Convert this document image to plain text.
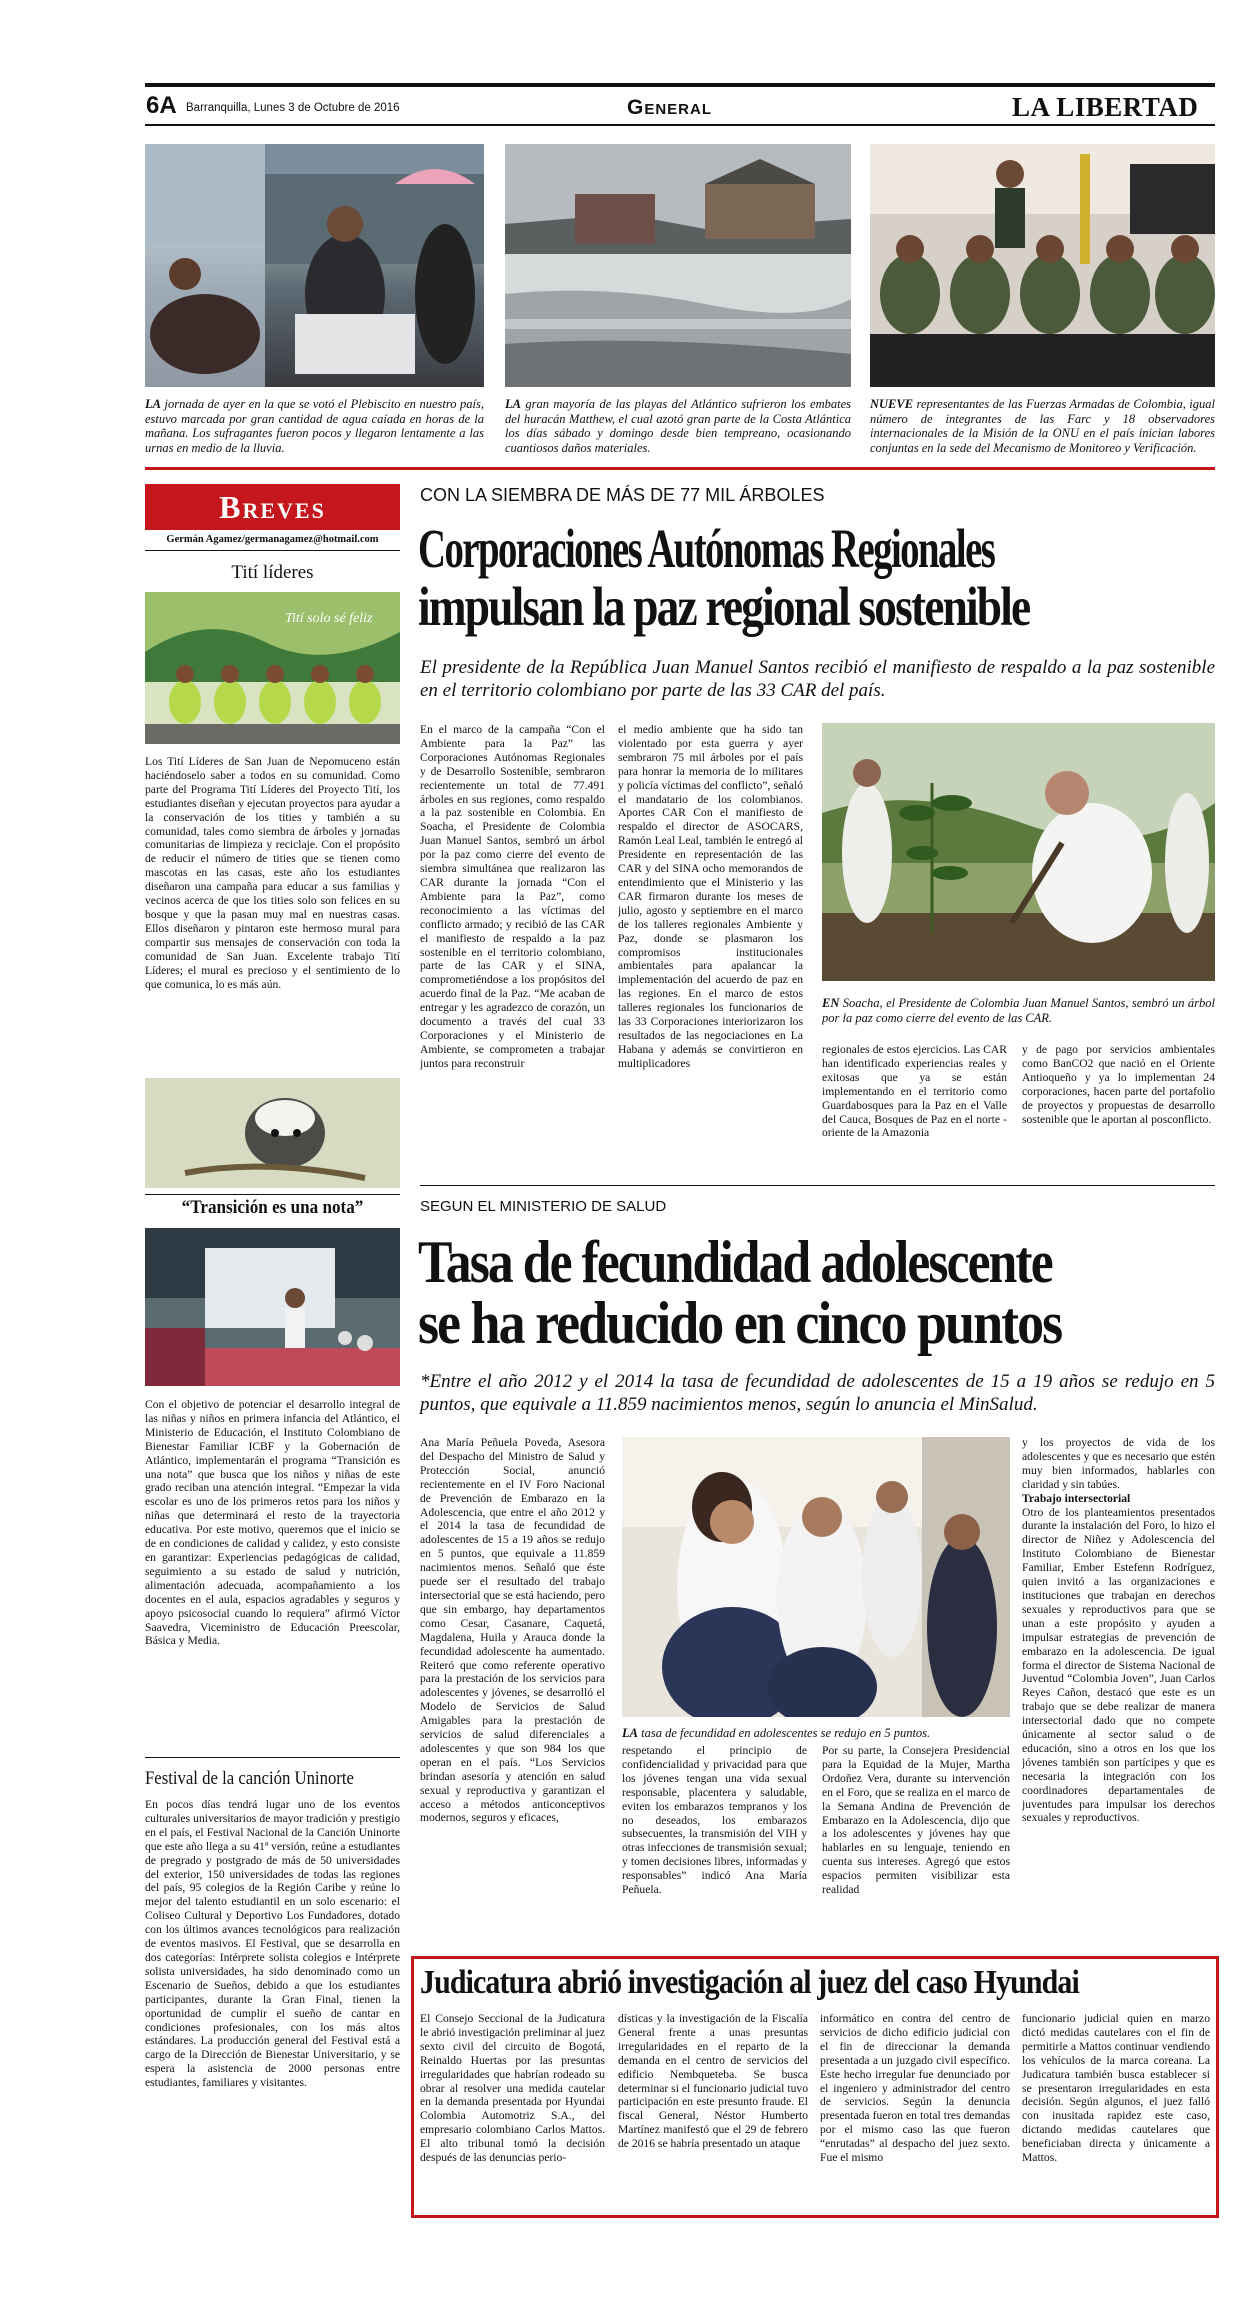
6A Barranquilla, Lunes 3 de Octubre de 2016	General	LA LIBERTAD
LA jornada de ayer en la que se votó el Plebiscito en nuestro país, estuvo marcada por gran cantidad de agua caíada en horas de la mañana. Los sufragantes fueron pocos y llegaron lentamente a las urnas en medio de la lluvia.
LA gran mayoría de las playas del Atlántico sufrieron los embates del huracán Matthew, el cual azotó gran parte de la Costa Atlántica los días sábado y domingo desde bien tempreano, ocasionando cuantiosos daños materiales.
NUEVE representantes de las Fuerzas Armadas de Colombia, igual número de integrantes de las Farc y 18 observadores internacionales de la Misión de la ONU en el país inician labores conjuntas en la sede del Mecanismo de Monitoreo y Verificación.
Breves
Germán Agamez/germanagamez@hotmail.com
Tití líderes
Tití solo sé feliz
Los Tití Líderes de San Juan de Nepomuceno están haciéndoselo saber a todos en su comunidad. Como parte del Programa Tití Líderes del Proyecto Tití, los estudiantes diseñan y ejecutan proyectos para ayudar a la conservación de los tities y también a su comunidad, tales como siembra de árboles y jornadas comunitarias de limpieza y reciclaje. Con el propósito de reducir el número de tities que se tienen como mascotas en las casas, este año los estudiantes diseñaron una campaña para educar a sus familias y vecinos acerca de que los tities solo son felices en su bosque y que la pasan muy mal en nuestras casas. Ellos diseñaron y pintaron este hermoso mural para compartir sus mensajes de conservación con toda la comunidad de San Juan. Excelente trabajo Tití Líderes; el mural es precioso y el sentimiento de lo que comunica, lo es más aún.
“Transición es una nota”
Con el objetivo de potenciar el desarrollo integral de las niñas y niños en primera infancia del Atlántico, el Ministerio de Educación, el Instituto Colombiano de Bienestar Familiar ICBF y la Gobernación de Atlántico, implementarán el programa “Transición es una nota” que busca que los niños y niñas de este grado reciban una atención integral. “Empezar la vida escolar es uno de los primeros retos para los niños y niñas que determinará el resto de la trayectoria educativa. Por este motivo, queremos que el inicio se de en condiciones de calidad y calidez, y esto consiste en garantizar: Experiencias pedagógicas de calidad, seguimiento a su estado de salud y nutrición, alimentación adecuada, acompañamiento a los docentes en el aula, espacios agradables y seguros y apoyo psicosocial cuando lo requiera” afirmó Víctor Saavedra, Viceministro de Educación Preescolar, Básica y Media.
Festival de la canción Uninorte
En pocos días tendrá lugar uno de los eventos culturales universitarios de mayor tradición y prestigio en el país, el Festival Nacional de la Canción Uninorte que este año llega a su 41ª versión, reúne a estudiantes de pregrado y postgrado de más de 50 universidades del exterior, 150 universidades de todas las regiones del país, 95 colegios de la Región Caribe y reúne lo mejor del talento estudiantil en un solo escenario: el Coliseo Cultural y Deportivo Los Fundadores, dotado con los últimos avances tecnológicos para realización de eventos masivos. El Festival, que se desarrolla en dos categorías: Intérprete solista colegios e Intérprete solista universidades, ha sido denominado como un Escenario de Sueños, debido a que los estudiantes participantes, durante la Gran Final, tienen la oportunidad de cumplir el sueño de cantar en condiciones profesionales, con los más altos estándares. La producción general del Festival está a cargo de la Dirección de Bienestar Universitario, y se espera la asistencia de 2000 personas entre estudiantes, familiares y visitantes.
CON LA SIEMBRA DE MÁS DE 77 MIL ÁRBOLES
Corporaciones Autónomas Regionales
impulsan la paz regional sostenible
El presidente de la República Juan Manuel Santos recibió el manifiesto de respaldo a la paz sostenible en el territorio colombiano por parte de las 33 CAR del país.
En el marco de la campaña “Con el Ambiente para la Paz” las Corporaciones Autónomas Regionales y de Desarrollo Sostenible, sembraron recientemente un total de 77.491 árboles en sus regiones, como respaldo a la paz sostenible en Colombia. En Soacha, el Presidente de Colombia Juan Manuel Santos, sembró un árbol por la paz como cierre del evento de siembra simultánea que realizaron las CAR durante la jornada “Con el Ambiente para la Paz”, como reconocimiento a las víctimas del conflicto armado; y recibió de las CAR el manifiesto de respaldo a la paz sostenible en el territorio colombiano, parte de las CAR y el SINA, comprometiéndose a los propósitos del acuerdo final de la Paz. “Me acaban de entregar y les agradezco de corazón, un documento a través del cual 33 Corporaciones y el Ministerio de Ambiente, se comprometen a trabajar juntos para reconstruir
el medio ambiente que ha sido tan violentado por esta guerra y ayer sembraron 75 mil árboles por el país para honrar la memoria de lo militares y policía víctimas del conflicto”, señaló el mandatario de los colombianos. Aportes CAR Con el manifiesto de respaldo el director de ASOCARS, Ramón Leal Leal, también le entregó al Presidente en representación de las CAR y del SINA ocho memorandos de entendimiento que el Ministerio y las CAR firmaron durante los meses de julio, agosto y septiembre en el marco de los talleres regionales Ambiente y Paz, donde se plasmaron los compromisos institucionales ambientales para apalancar la implementación del acuerdo de paz en las regiones. En el marco de estos talleres regionales los funcionarios de las 33 Corporaciones interiorizaron los resultados de las negociaciones en La Habana y además se convirtieron en multiplicadores
EN Soacha, el Presidente de Colombia Juan Manuel Santos, sembró un árbol por la paz como cierre del evento de las CAR.
regionales de estos ejercicios. Las CAR han identificado experiencias reales y exitosas que ya se están implementando en el territorio como Guardabosques para la Paz en el Valle del Cauca, Bosques de Paz en el norte - oriente de la Amazonia
y de pago por servicios ambientales como BanCO2 que nació en el Oriente Antioqueño y ya lo implementan 24 corporaciones, hacen parte del portafolio de proyectos y propuestas de desarrollo sostenible que le aportan al posconflicto.
SEGUN EL MINISTERIO DE SALUD
Tasa de fecundidad adolescente
se ha reducido en cinco puntos
*Entre el año 2012 y el 2014 la tasa de fecundidad de adolescentes de 15 a 19 años se redujo en 5 puntos, que equivale a 11.859 nacimientos menos, según lo anuncia el MinSalud.
Ana María Peñuela Poveda, Asesora del Despacho del Ministro de Salud y Protección Social, anunció recientemente en el IV Foro Nacional de Prevención de Embarazo en la Adolescencia, que entre el año 2012 y el 2014 la tasa de fecundidad de adolescentes de 15 a 19 años se redujo en 5 puntos, que equivale a 11.859 nacimientos menos. Señaló que éste puede ser el resultado del trabajo intersectorial que se está haciendo, pero que sin embargo, hay departamentos como Cesar, Casanare, Caquetá, Magdalena, Huila y Arauca donde la fecundidad adolescente ha aumentado. Reiteró que como referente operativo para la prestación de los servicios para adolescentes y jóvenes, se desarrolló el Modelo de Servicios de Salud Amigables para la prestación de servicios de salud diferenciales a adolescentes y que son 984 los que operan en el país. “Los Servicios brindan asesoría y atención en salud sexual y reproductiva y garantizan el acceso a métodos anticonceptivos modernos, seguros y eficaces,
LA tasa de fecundidad en adolescentes se redujo en 5 puntos.
respetando el principio de confidencialidad y privacidad para que los jóvenes tengan una vida sexual responsable, placentera y saludable, eviten los embarazos tempranos y los no deseados, los embarazos subsecuentes, la transmisión del VIH y otras infecciones de transmisión sexual; y tomen decisiones libres, informadas y responsables” indicó Ana María Peñuela.
Por su parte, la Consejera Presidencial para la Equidad de la Mujer, Martha Ordoñez Vera, durante su intervención en el Foro, que se realiza en el marco de la Semana Andina de Prevención de Embarazo en la Adolescencia, dijo que a los adolescentes y jóvenes hay que hablarles en su lenguaje, teniendo en cuenta sus intereses. Agregó que estos espacios permiten visibilizar esta realidad

y los proyectos de vida de los adolescentes y que es necesario que estén muy bien informados, hablarles con claridad y sin tabúes.

Trabajo intersectorial

Otro de los planteamientos presentados durante la instalación del Foro, lo hizo el director de Niñez y Adolescencia del Instituto Colombiano de Bienestar Familiar, Ember Estefenn Rodríguez, quien invitó a las organizaciones e instituciones que trabajan en derechos sexuales y reproductivos para que se unan a este propósito y ayuden a impulsar estrategias de prevención de embarazo en la adolescencia. De igual forma el director de Sistema Nacional de Juventud “Colombia Joven”, Juan Carlos Reyes Cañon, destacó que este es un trabajo que se debe realizar de manera intersectorial dado que no compete únicamente al sector salud o de educación, sino a otros en los que los jóvenes también son partícipes y que es necesaria la integración con los coordinadores departamentales de juventudes para impulsar los derechos sexuales y reproductivos.

Judicatura abrió investigación al juez del caso Hyundai
El Consejo Seccional de la Judicatura le abrió investigación preliminar al juez sexto civil del circuito de Bogotá, Reinaldo Huertas por las presuntas irregularidades que habrían rodeado su obrar al resolver una medida cautelar en la demanda presentada por Hyundai Colombia Automotriz S.A., del empresario colombiano Carlos Mattos. El alto tribunal tomó la decisión después de las denuncias perio-
dísticas y la investigación de la Fiscalía General frente a unas presuntas irregularidades en el reparto de la demanda en el centro de servicios del edificio Nembqueteba. Se busca determinar si el funcionario judicial tuvo participación en este presunto fraude. El fiscal General, Néstor Humberto Martínez manifestó que el 29 de febrero de 2016 se habría presentado un ataque
informático en contra del centro de servicios de dicho edificio judicial con el fin de direccionar la demanda presentada a un juzgado civil específico. Este hecho irregular fue denunciado por el ingeniero y administrador del centro de servicios. Según la denuncia presentada fueron en total tres demandas por el mismo caso las que fueron “enrutadas” al despacho del juez sexto. Fue el mismo
funcionario judicial quien en marzo dictó medidas cautelares con el fin de permitirle a Mattos continuar vendiendo los vehículos de la marca coreana. La Judicatura también busca establecer si se presentaron irregularidades en esta decisión. Según algunos, el juez falló con inusitada rapidez este caso, dictando medidas cautelares que beneficiaban directa y únicamente a Mattos.
